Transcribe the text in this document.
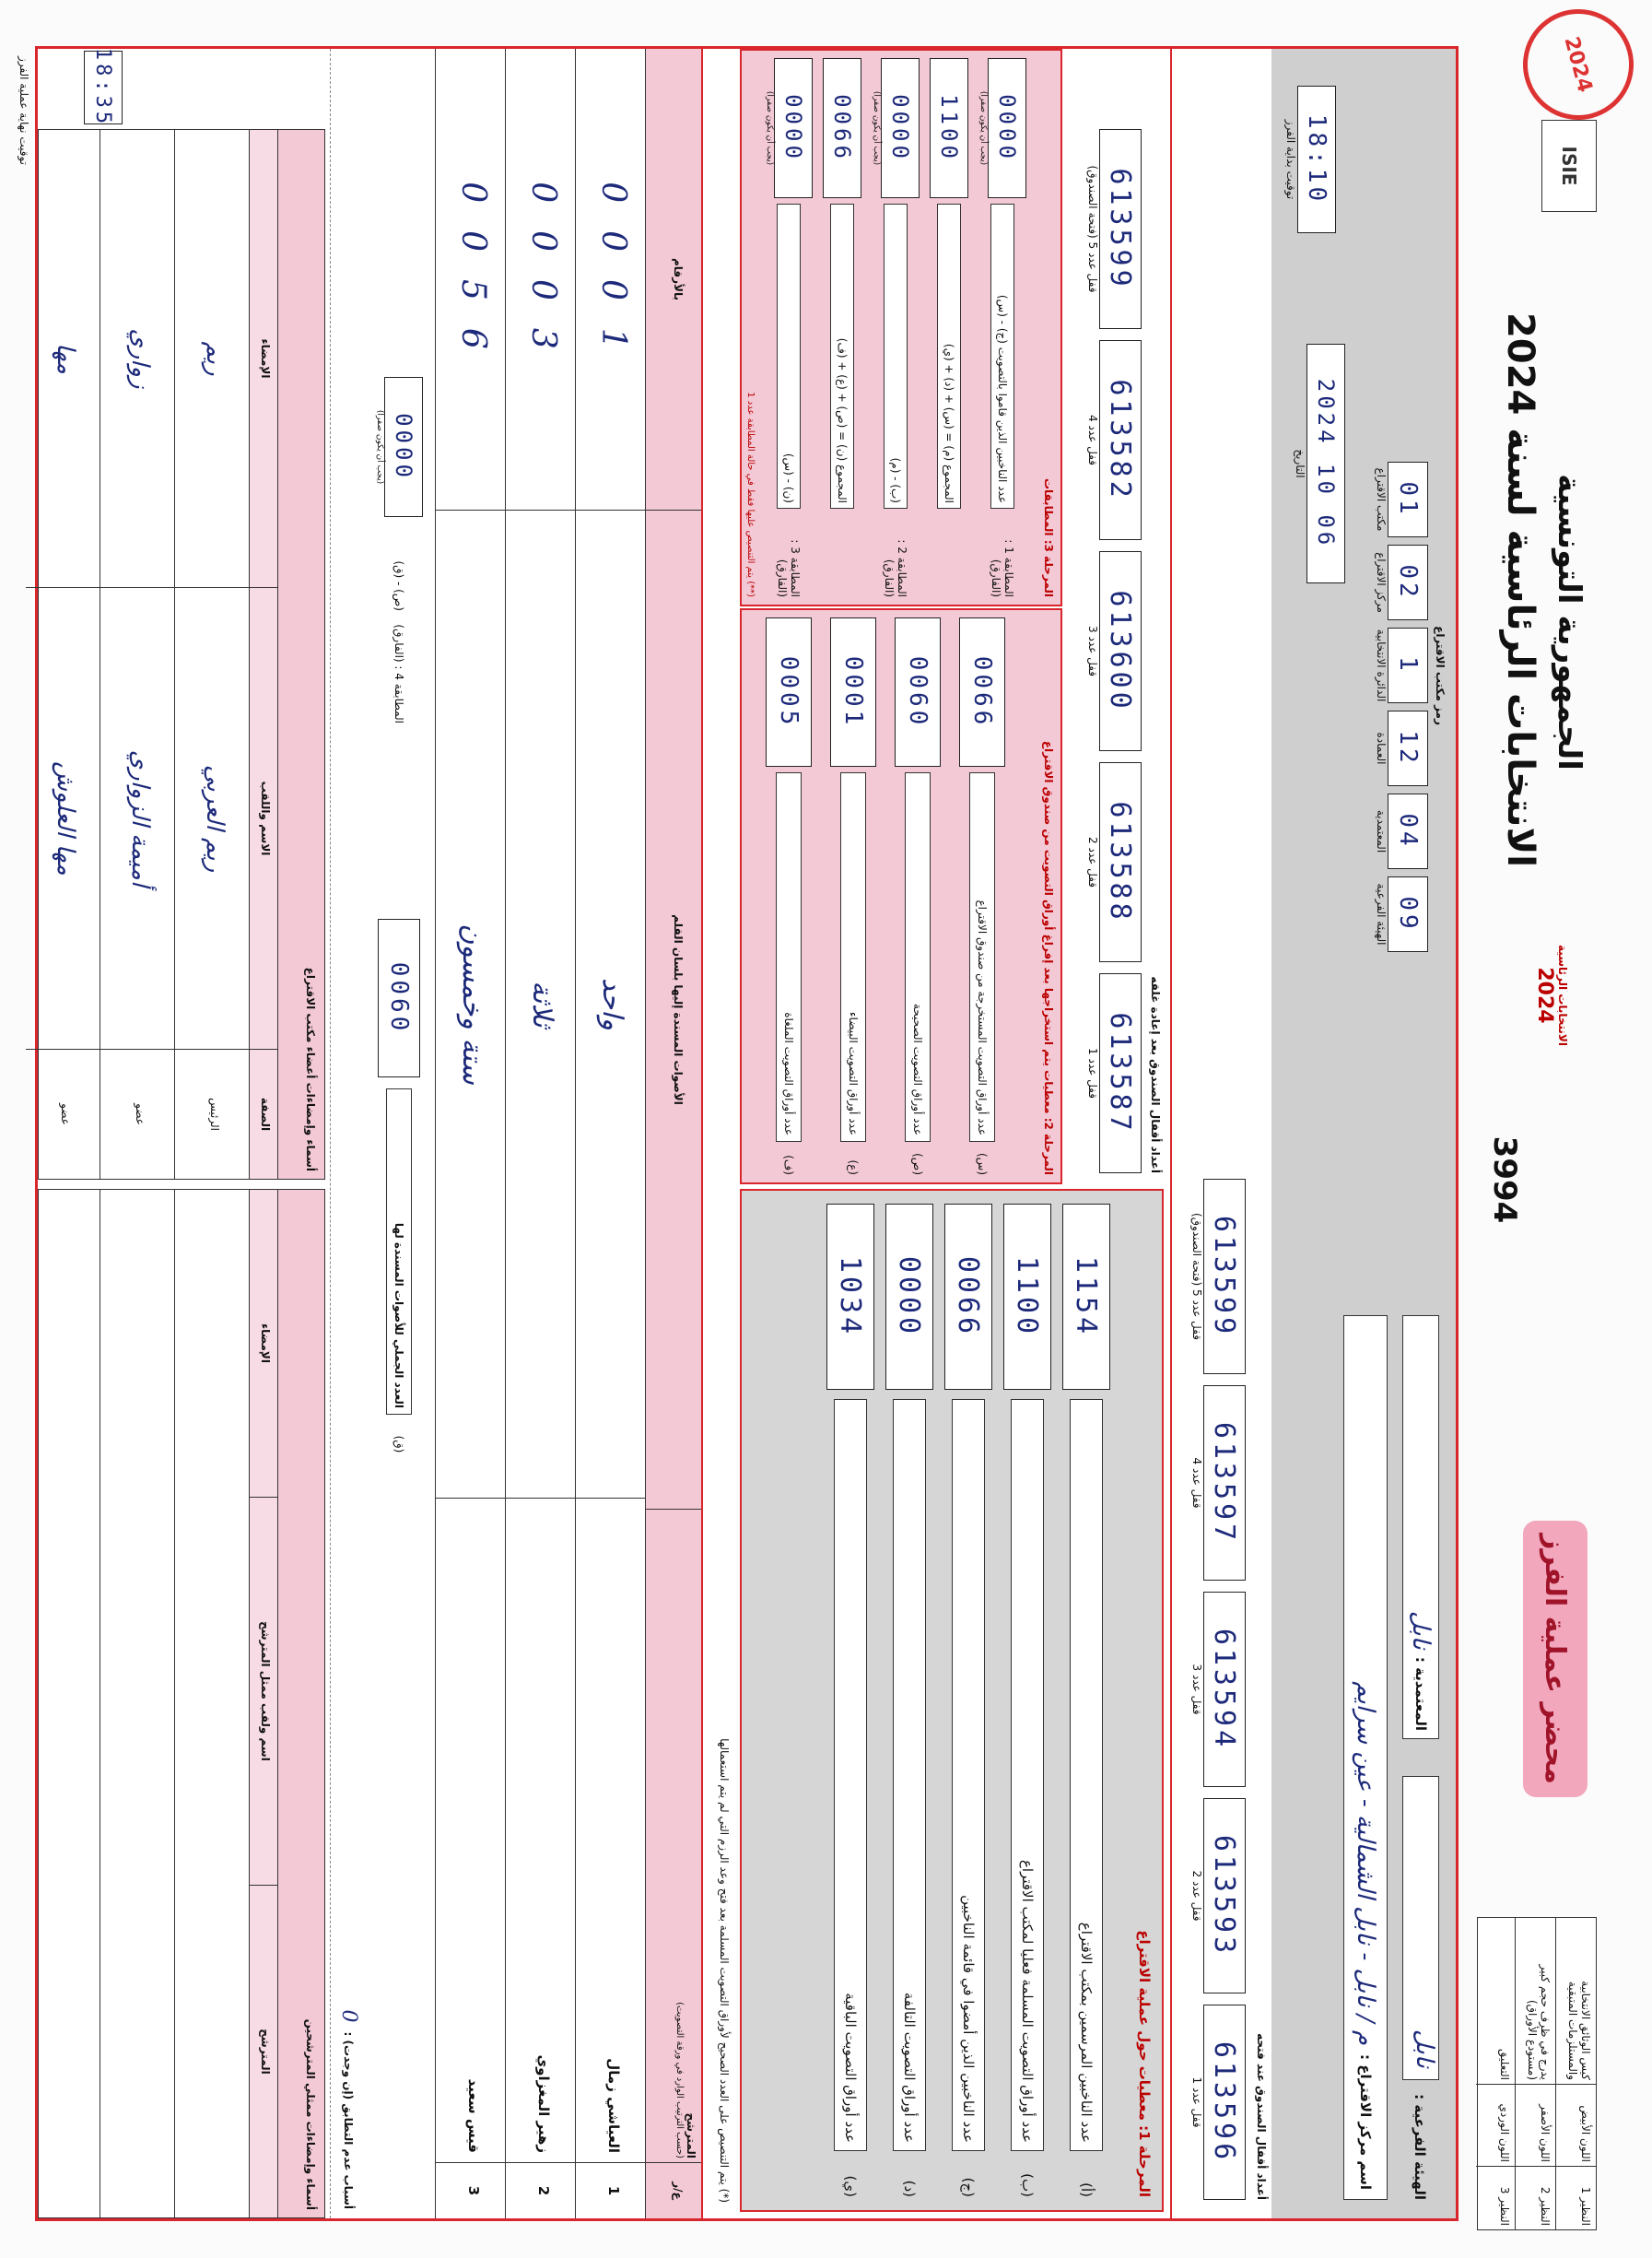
النظير 1
اللون الأبيض
كيس الوثائق الانتخابية والمستلزمات المتبقية
النظير 2
اللون الأصفر
يدرج في ظرف حجم كبير (مستودع الأوراق)
النظير 3
اللون الوردي
التعليق
محضر عملية الفرز
3994
الانتخابات الرئاسية
2024
الجمهورية التونسية
الانتخابات الرئاسية لسنة 2024
ISIE
2024
الهيئة الفرعية :
نابل
المعتمدية :
نابل
اسم مركز الاقتراع :
م / نابل - نابل الشمالية - عين سرايم
رمز مكتب الاقتراع
09
الهيئة الفرعية
04
المعتمدية
12
العمادة
1
الدائرة الانتخابية
02
مركز الاقتراع
01
مكتب الاقتراع
2024 10 06
التاريخ
18:10
توقيت بداية الفرز
أعداد أقفال الصندوق عند فتحه
613596
قفل عدد 1
613593
قفل عدد 2
613594
قفل عدد 3
613597
قفل عدد 4
613599
قفل عدد 5 (فتحة الصندوق)
المرحلة 1: معطيات حول عملية الاقتراع
(أ)
عدد الناخبين المرسمين بمكتب الاقتراع
1154
(ب)
عدد أوراق التصويت المسلمة فعليا لمكتب الاقتراع
1100
(ج)
عدد الناخبين الذين أمضوا في قائمة الناخبين
0066
(د)
عدد أوراق التصويت التالفة
0000
(ي)
عدد أوراق التصويت الباقية
1034
أعداد أقفال الصندوق بعد إعادة غلقه
613587
قفل عدد 1
613588
قفل عدد 2
613600
قفل عدد 3
613582
قفل عدد 4
613599
قفل عدد 5 (فتحة الصندوق)
المرحلة 2: معطيات يتم استخراجها بعد إفراغ أوراق التصويت من صندوق الاقتراع
(س)
عدد أوراق التصويت المستخرجة من صندوق الاقتراع
0066
(ص)
عدد أوراق التصويت الصحيحة
0060
(ع)
عدد أوراق التصويت البيضاء
0001
(ف)
عدد أوراق التصويت الملغاة
0005
المرحلة 3: المطابقات
المطابقة 1 : (الفارق)
عدد الناخبين الذين قاموا بالتصويت (ج) - (س)
0000
(يجب أن يكون صفرا)
المجموع (م) = (س) + (د) + (ي)
1100
المطابقة 2 : (الفارق)
(ب) - (م)
0000
(يجب أن يكون صفرا)
المجموع (ن) = (ص) + (ع) + (ف)
0066
المطابقة 3 : (الفارق)
(ن) - (س)
0000
(يجب أن يكون صفرا)
(**) يتم التنصيص عليها فقط في حالة المطابقة عدد 1
(*) يتم التنصيص على العدد الصحيح لأوراق التصويت المسلمة بعد فتح وعد الرزم التي لم يتم استعمالها
ع/ر
المترشح
(حسب الترتيب الوارد في ورقة التصويت)
الأصوات المسندة إليها بلسان القلم
بالأرقام
1
العياشي زمال
واحد
0001
2
زهير المغزاوي
ثلاثة
0003
3
قيس سعيد
ستة وخمسون
0056
(ق)
العدد الجملي للأصوات المسندة لها
0060
المطابقة 4 : (الفارق)
(ص) - (ق)
0000
(يجب أن يكون صفرا)
أسباب عدم التطابق (إن وجدت) :
0
أسماء وإمضاءات ممثلي المترشحين
المترشح
اسم ولقب ممثل المترشح
الإمضاء
أسماء وإمضاءات أعضاء مكتب الاقتراع
الصفة
الاسم واللقب
الإمضاء
الرئيس
ريم العربي
ريم
عضو
أميمة الزواري
زواري
عضو
مها العلوش
مها
18:35
توقيت نهاية عملية الفرز
